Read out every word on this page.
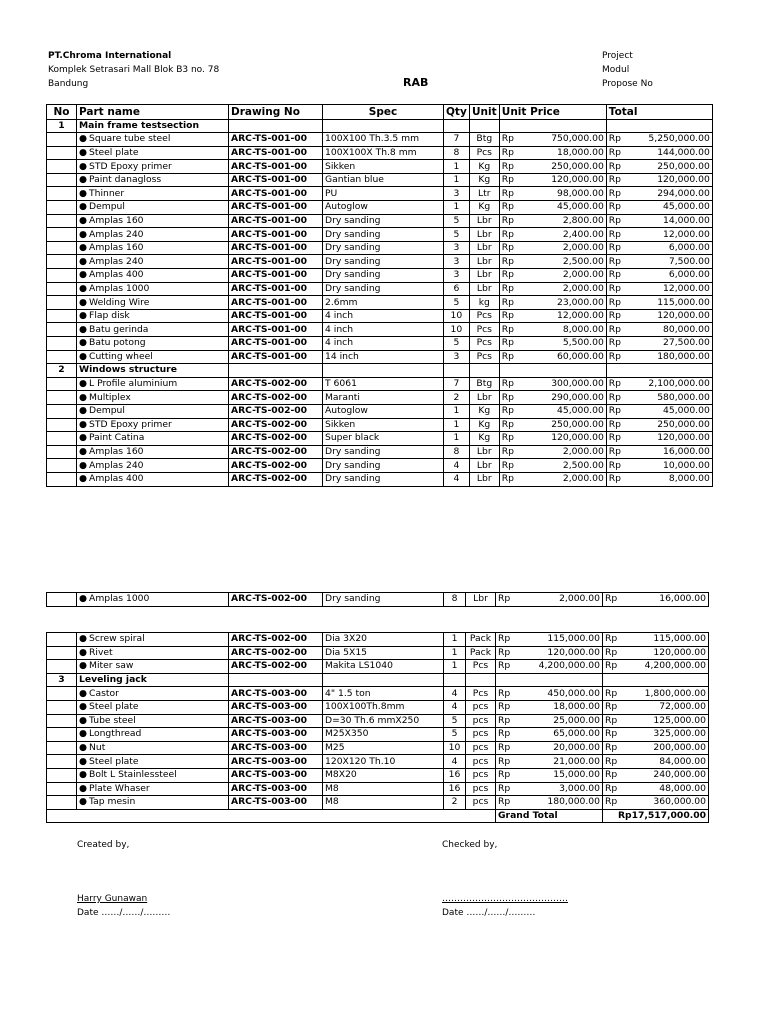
PT.Chroma International
Komplek Setrasari Mall Blok B3 no. 78
Bandung	RAB
Project
Modul
Propose No
No	Part name	Drawing No	Spec	Qty	Unit	Unit Price		Total	
1	Main frame testsection								
	● Square tube steel	ARC-TS-001-00	100X100 Th.3.5 mm	7	Btg	Rp	750,000.00	Rp	5,250,000.00
	● Steel plate	ARC-TS-001-00	100X100X Th.8 mm	8	Pcs	Rp	18,000.00	Rp	144,000.00
	● STD Epoxy primer	ARC-TS-001-00	Sikken	1	Kg	Rp	250,000.00	Rp	250,000.00
	● Paint danagloss	ARC-TS-001-00	Gantian blue	1	Kg	Rp	120,000.00	Rp	120,000.00
	● Thinner	ARC-TS-001-00	PU	3	Ltr	Rp	98,000.00	Rp	294,000.00
	● Dempul	ARC-TS-001-00	Autoglow	1	Kg	Rp	45,000.00	Rp	45,000.00
	● Amplas 160	ARC-TS-001-00	Dry sanding	5	Lbr	Rp	2,800.00	Rp	14,000.00
	● Amplas 240	ARC-TS-001-00	Dry sanding	5	Lbr	Rp	2,400.00	Rp	12,000.00
	● Amplas 160	ARC-TS-001-00	Dry sanding	3	Lbr	Rp	2,000.00	Rp	6,000.00
	● Amplas 240	ARC-TS-001-00	Dry sanding	3	Lbr	Rp	2,500.00	Rp	7,500.00
	● Amplas 400	ARC-TS-001-00	Dry sanding	3	Lbr	Rp	2,000.00	Rp	6,000.00
	● Amplas 1000	ARC-TS-001-00	Dry sanding	6	Lbr	Rp	2,000.00	Rp	12,000.00
	● Welding Wire	ARC-TS-001-00	2.6mm	5	kg	Rp	23,000.00	Rp	115,000.00
	● Flap disk	ARC-TS-001-00	4 inch	10	Pcs	Rp	12,000.00	Rp	120,000.00
	● Batu gerinda	ARC-TS-001-00	4 inch	10	Pcs	Rp	8,000.00	Rp	80,000.00
	● Batu potong	ARC-TS-001-00	4 inch	5	Pcs	Rp	5,500.00	Rp	27,500.00
	● Cutting wheel	ARC-TS-001-00	14 inch	3	Pcs	Rp	60,000.00	Rp	180,000.00
2	Windows structure								
	● L Profile aluminium	ARC-TS-002-00	T 6061	7	Btg	Rp	300,000.00	Rp	2,100,000.00
	● Multiplex	ARC-TS-002-00	Maranti	2	Lbr	Rp	290,000.00	Rp	580,000.00
	● Dempul	ARC-TS-002-00	Autoglow	1	Kg	Rp	45,000.00	Rp	45,000.00
	● STD Epoxy primer	ARC-TS-002-00	Sikken	1	Kg	Rp	250,000.00	Rp	250,000.00
	● Paint Catina	ARC-TS-002-00	Super black	1	Kg	Rp	120,000.00	Rp	120,000.00
	● Amplas 160	ARC-TS-002-00	Dry sanding	8	Lbr	Rp	2,000.00	Rp	16,000.00
	● Amplas 240	ARC-TS-002-00	Dry sanding	4	Lbr	Rp	2,500.00	Rp	10,000.00
	● Amplas 400	ARC-TS-002-00	Dry sanding	4	Lbr	Rp	2,000.00	Rp	8,000.00
	● Amplas 1000	ARC-TS-002-00	Dry sanding	8	Lbr	Rp	2,000.00	Rp	16,000.00
	● Screw spiral	ARC-TS-002-00	Dia 3X20	1	Pack	Rp	115,000.00	Rp	115,000.00
	● Rivet	ARC-TS-002-00	Dia 5X15	1	Pack	Rp	120,000.00	Rp	120,000.00
	● Miter saw	ARC-TS-002-00	Makita LS1040	1	Pcs	Rp	4,200,000.00	Rp	4,200,000.00
3	Leveling jack								
	● Castor	ARC-TS-003-00	4" 1.5 ton	4	Pcs	Rp	450,000.00	Rp	1,800,000.00
	● Steel plate	ARC-TS-003-00	100X100Th.8mm	4	pcs	Rp	18,000.00	Rp	72,000.00
	● Tube steel	ARC-TS-003-00	D=30 Th.6 mmX250	5	pcs	Rp	25,000.00	Rp	125,000.00
	● Longthread	ARC-TS-003-00	M25X350	5	pcs	Rp	65,000.00	Rp	325,000.00
	● Nut	ARC-TS-003-00	M25	10	pcs	Rp	20,000.00	Rp	200,000.00
	● Steel plate	ARC-TS-003-00	120X120 Th.10	4	pcs	Rp	21,000.00	Rp	84,000.00
	● Bolt L Stainlessteel	ARC-TS-003-00	M8X20	16	pcs	Rp	15,000.00	Rp	240,000.00
	● Plate Whaser	ARC-TS-003-00	M8	16	pcs	Rp	3,000.00	Rp	48,000.00
	● Tap mesin	ARC-TS-003-00	M8	2	pcs	Rp	180,000.00	Rp	360,000.00
						Grand Total		Rp17,517,000.00	
Created by,	Checked by,
Harry Gunawan	……………………………………
Date ……/……/………	Date ……/……/………
